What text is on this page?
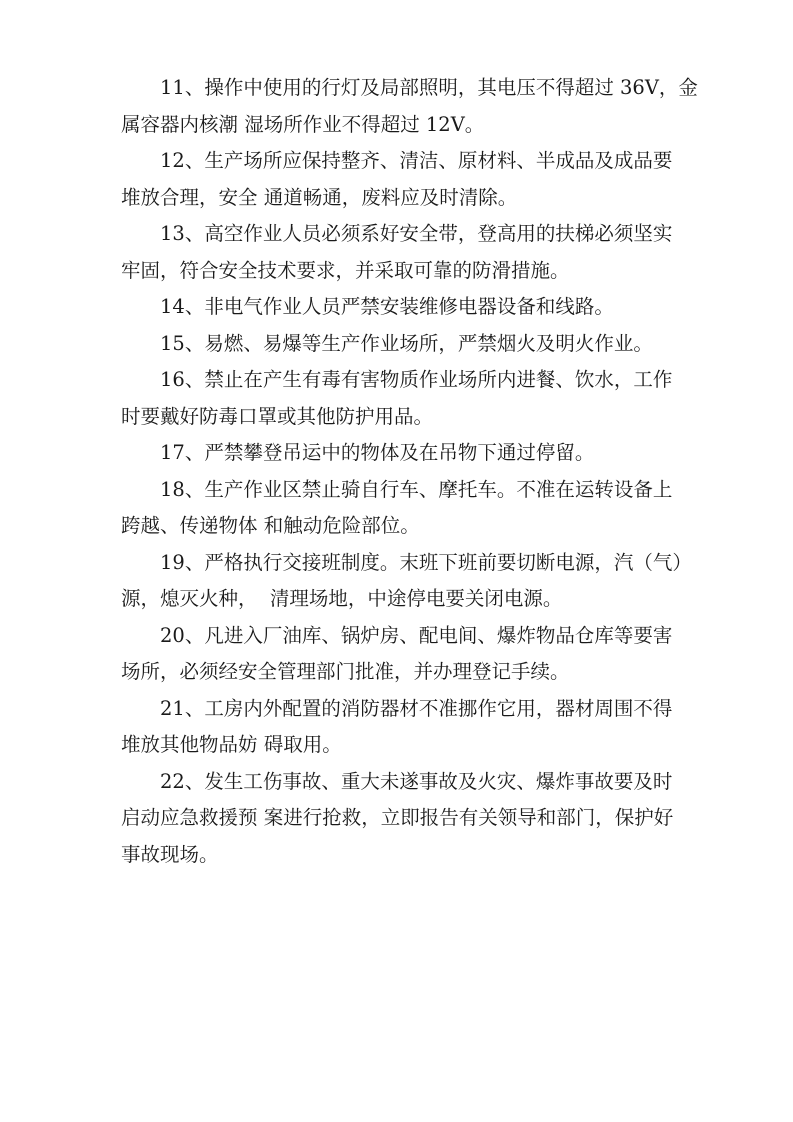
11、操作中使用的行灯及局部照明，其电压不得超过 36V，金
属容器内核潮 湿场所作业不得超过 12V。
12、生产场所应保持整齐、清洁、原材料、半成品及成品要
堆放合理，安全 通道畅通，废料应及时清除。
13、高空作业人员必须系好安全带，登高用的扶梯必须坚实
牢固，符合安全技术要求，并采取可靠的防滑措施。
14、非电气作业人员严禁安装维修电器设备和线路。
15、易燃、易爆等生产作业场所，严禁烟火及明火作业。
16、禁止在产生有毒有害物质作业场所内进餐、饮水，工作
时要戴好防毒口罩或其他防护用品。
17、严禁攀登吊运中的物体及在吊物下通过停留。
18、生产作业区禁止骑自行车、摩托车。不准在运转设备上
跨越、传递物体 和触动危险部位。
19、严格执行交接班制度。末班下班前要切断电源，汽（气）
源，熄灭火种，  清理场地，中途停电要关闭电源。
20、凡进入厂油库、锅炉房、配电间、爆炸物品仓库等要害
场所，必须经安全管理部门批准，并办理登记手续。
21、工房内外配置的消防器材不准挪作它用，器材周围不得
堆放其他物品妨 碍取用。
22、发生工伤事故、重大未遂事故及火灾、爆炸事故要及时
启动应急救援预 案进行抢救，立即报告有关领导和部门，保护好
事故现场。
